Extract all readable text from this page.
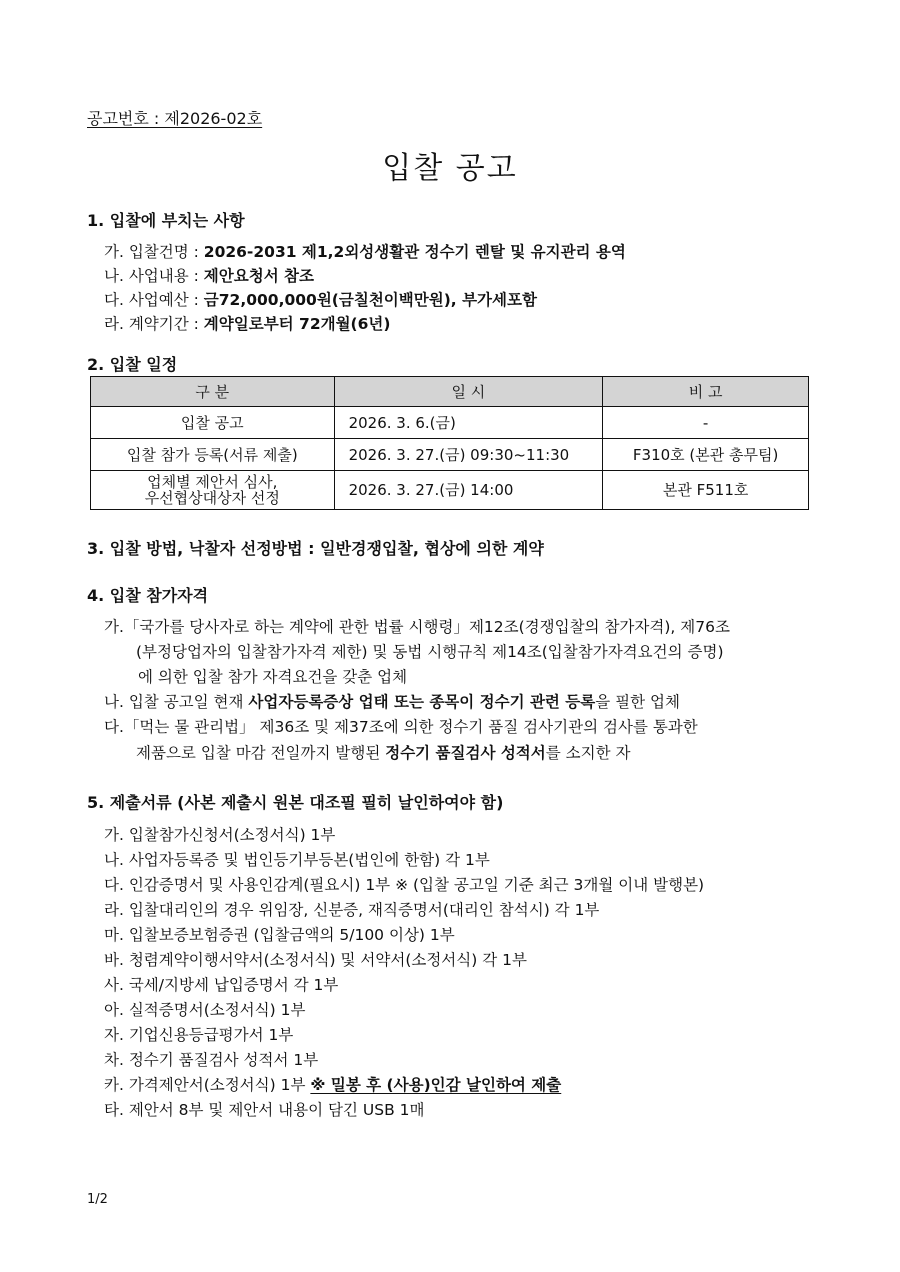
공고번호 : 제2026-02호
입찰 공고
1. 입찰에 부치는 사항
가. 입찰건명 : 2026-2031 제1,2외성생활관 정수기 렌탈 및 유지관리 용역
나. 사업내용 : 제안요청서 참조
다. 사업예산 : 금72,000,000원(금칠천이백만원), 부가세포함
라. 계약기간 : 계약일로부터 72개월(6년)
2. 입찰 일정
구 분	일 시	비 고
입찰 공고	2026. 3. 6.(금)	-
입찰 참가 등록(서류 제출)	2026. 3. 27.(금) 09:30~11:30	F310호 (본관 총무팀)

업체별 제안서 심사,
우선협상대상자 선정	2026. 3. 27.(금) 14:00	본관 F511호
3. 입찰 방법, 낙찰자 선정방법 : 일반경쟁입찰, 협상에 의한 계약
4. 입찰 참가자격
가.「국가를 당사자로 하는 계약에 관한 법률 시행령」제12조(경쟁입찰의 참가자격), 제76조
(부정당업자의 입찰참가자격 제한) 및 동법 시행규칙 제14조(입찰참가자격요건의 증명)
에 의한 입찰 참가 자격요건을 갖춘 업체
나. 입찰 공고일 현재 사업자등록증상 업태 또는 종목이 정수기 관련 등록을 필한 업체
다.「먹는 물 관리법」 제36조 및 제37조에 의한 정수기 품질 검사기관의 검사를 통과한
제품으로 입찰 마감 전일까지 발행된 정수기 품질검사 성적서를 소지한 자
5. 제출서류 (사본 제출시 원본 대조필 필히 날인하여야 함)
가. 입찰참가신청서(소정서식) 1부
나. 사업자등록증 및 법인등기부등본(법인에 한함) 각 1부
다. 인감증명서 및 사용인감계(필요시) 1부 ※ (입찰 공고일 기준 최근 3개월 이내 발행본)
라. 입찰대리인의 경우 위임장, 신분증, 재직증명서(대리인 참석시) 각 1부
마. 입찰보증보험증권 (입찰금액의 5/100 이상) 1부
바. 청렴계약이행서약서(소정서식) 및 서약서(소정서식) 각 1부
사. 국세/지방세 납입증명서 각 1부
아. 실적증명서(소정서식) 1부
자. 기업신용등급평가서 1부
차. 정수기 품질검사 성적서 1부
카. 가격제안서(소정서식) 1부 ※ 밀봉 후 (사용)인감 날인하여 제출
타. 제안서 8부 및 제안서 내용이 담긴 USB 1매
1/2
